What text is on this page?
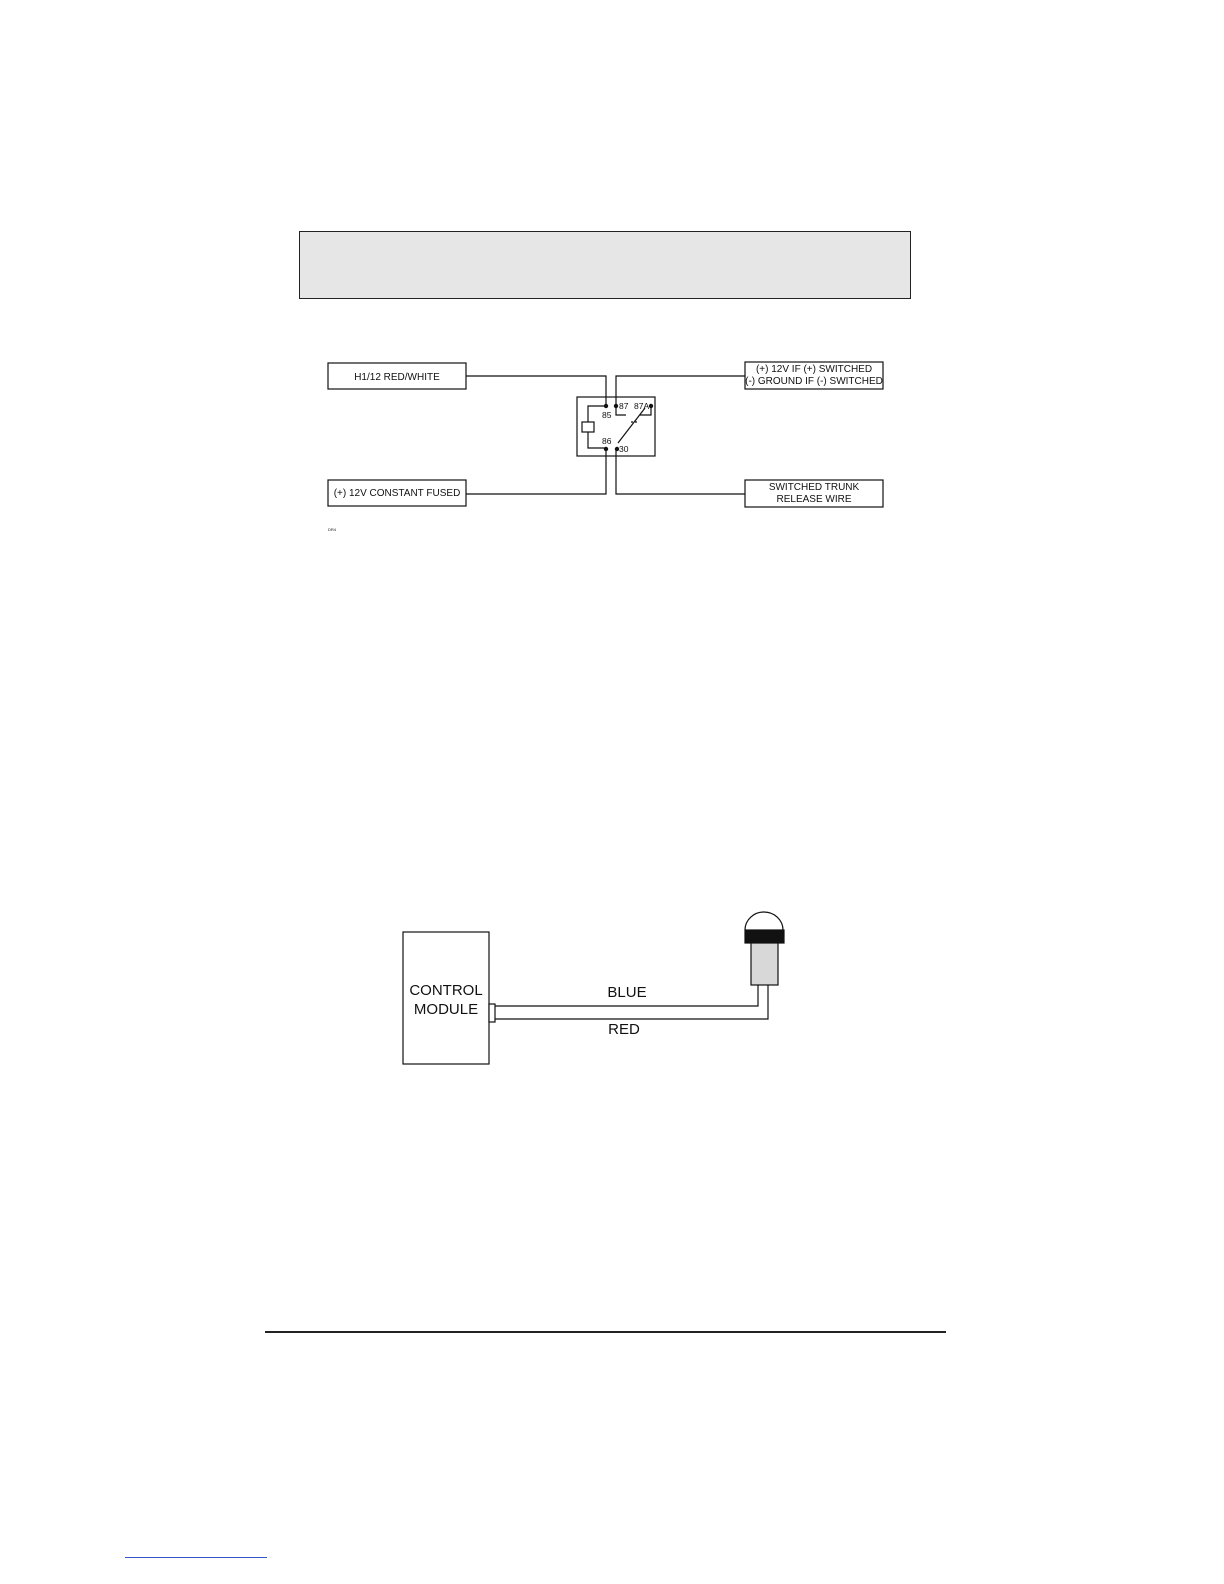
H1/12 RED/WHITE
(+) 12V CONSTANT FUSED
(+) 12V IF (+) SWITCHED
(-) GROUND IF (-) SWITCHED
SWITCHED TRUNK
RELEASE WIRE
85
86
87 87A
30
DR4
CONTROL
MODULE
BLUE
RED
